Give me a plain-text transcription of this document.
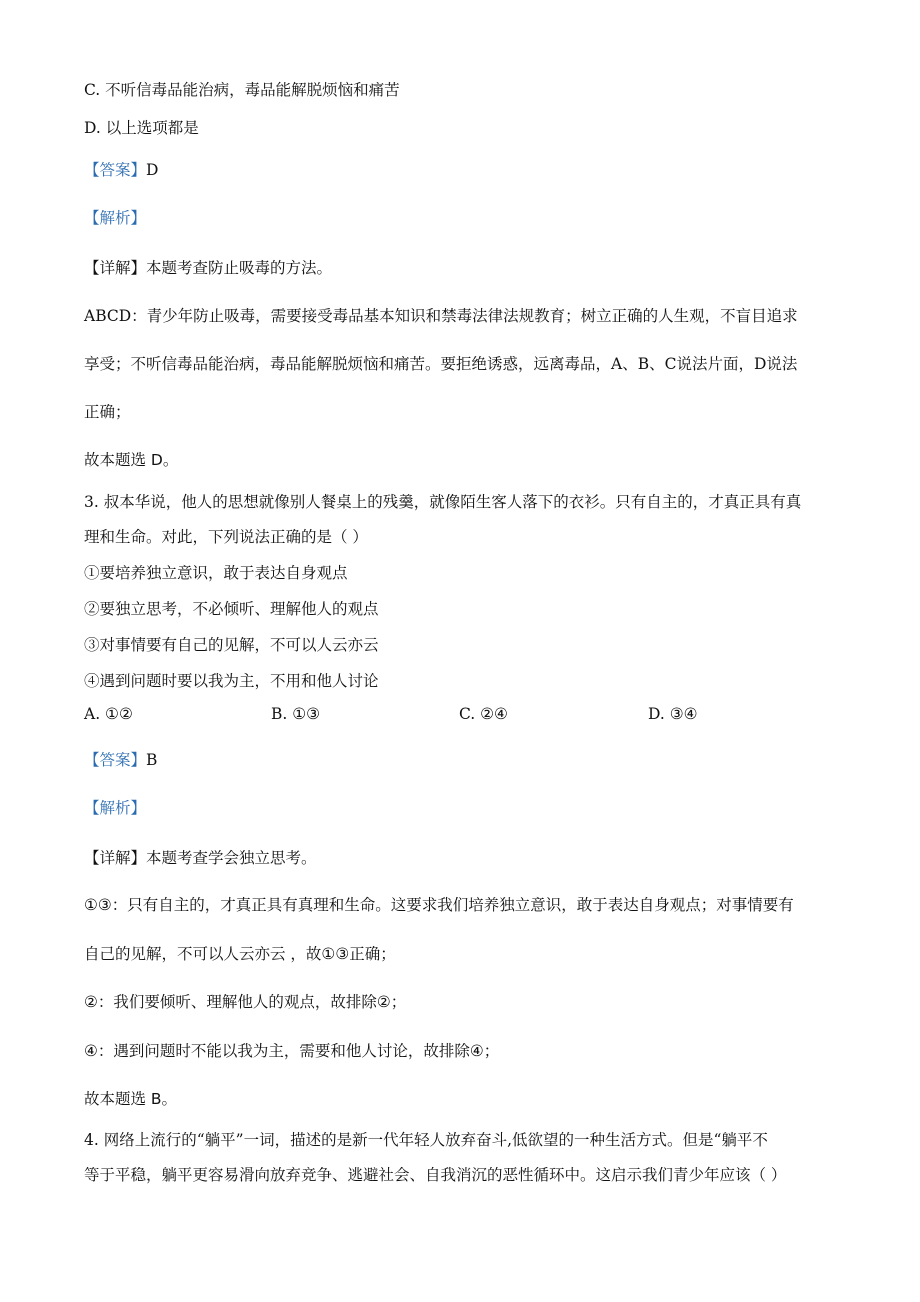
C. 不听信毒品能治病，毒品能解脱烦恼和痛苦
D. 以上选项都是
【答案】D
【解析】
【详解】本题考查防止吸毒的方法。
ABCD：青少年防止吸毒，需要接受毒品基本知识和禁毒法律法规教育；树立正确的人生观，不盲目追求
享受；不听信毒品能治病，毒品能解脱烦恼和痛苦。要拒绝诱惑，远离毒品，A、B、C说法片面，D说法
正确；
故本题选 D。
3. 叔本华说，他人的思想就像别人餐桌上的残羹，就像陌生客人落下的衣衫。只有自主的，才真正具有真
理和生命。对此，下列说法正确的是（ ）
①要培养独立意识，敢于表达自身观点
②要独立思考，不必倾听、理解他人的观点
③对事情要有自己的见解，不可以人云亦云
④遇到问题时要以我为主，不用和他人讨论
A. ①②	B. ①③	C. ②④	D. ③④
【答案】B
【解析】
【详解】本题考查学会独立思考。
①③：只有自主的，才真正具有真理和生命。这要求我们培养独立意识，敢于表达自身观点；对事情要有
自己的见解，不可以人云亦云 ，故①③正确；
②：我们要倾听、理解他人的观点，故排除②；
④：遇到问题时不能以我为主，需要和他人讨论，故排除④；
故本题选 B。
4. 网络上流行的“躺平”一词，描述的是新一代年轻人放弃奋斗,低欲望的一种生活方式。但是“躺平不
等于平稳，躺平更容易滑向放弃竞争、逃避社会、自我消沉的恶性循环中。这启示我们青少年应该（ ）
